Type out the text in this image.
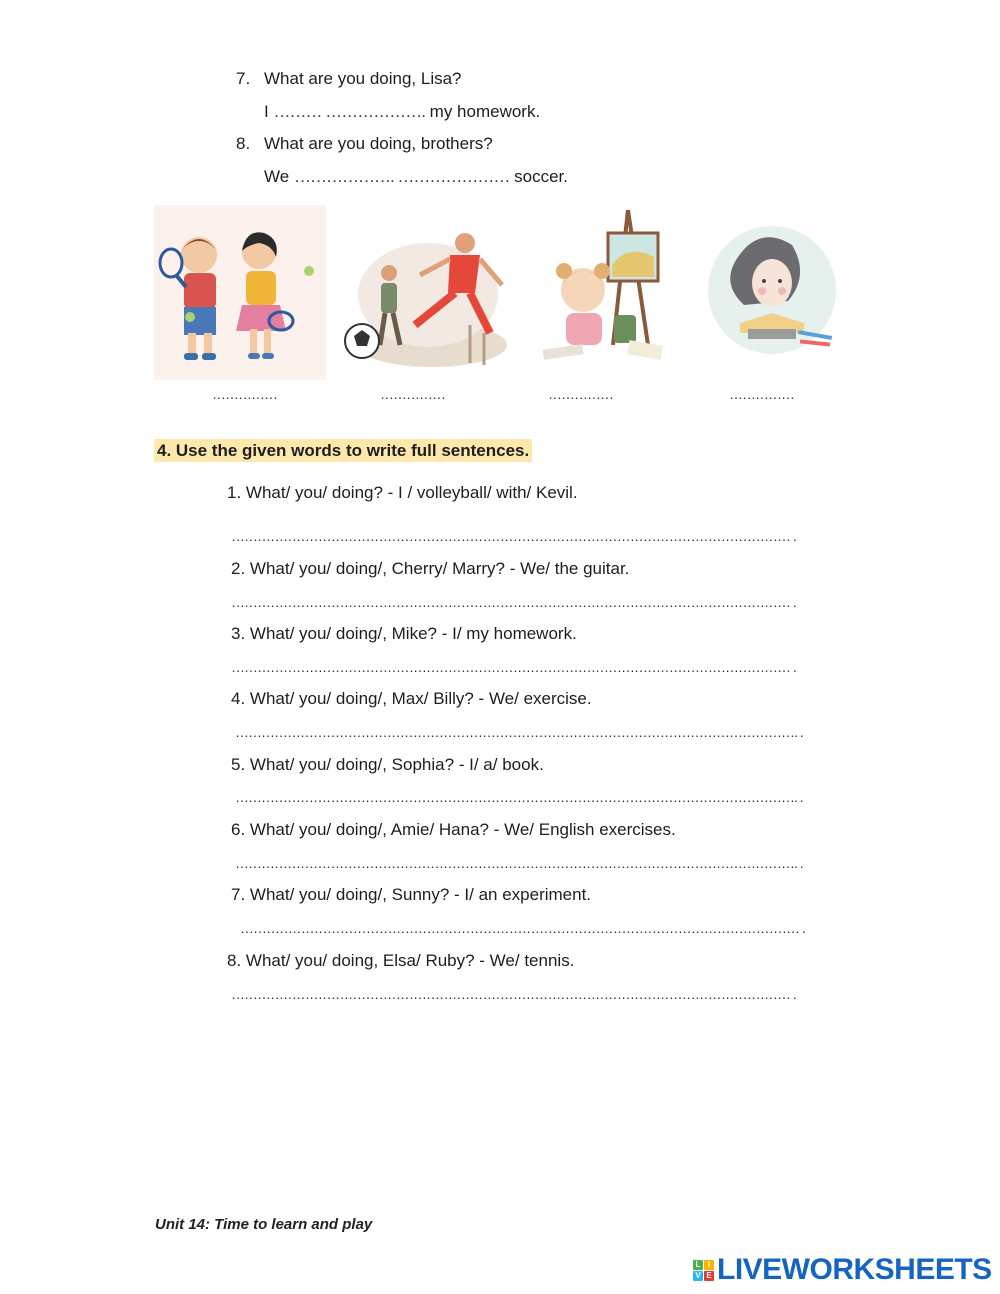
7. What are you doing, Lisa?
I ……… ………………. my homework.
8. What are you doing, brothers?
We ………………. ………………… soccer.
……………	……………	……………	……………
4. Use the given words to write full sentences.
1. What/ you/ doing? - I / volleyball/ with/ Kevil.
………………………………………………………………………………………………………………… .
2. What/ you/ doing/, Cherry/ Marry? - We/ the guitar.
………………………………………………………………………………………………………………… .
3. What/ you/ doing/, Mike? - I/ my homework.
………………………………………………………………………………………………………………… .
4. What/ you/ doing/, Max/ Billy? - We/ exercise.
…………………………………………………………………………………………………………………. .
5. What/ you/ doing/, Sophia? - I/ a/ book.
…………………………………………………………………………………………………………………. .
6. What/ you/ doing/, Amie/ Hana? - We/ English exercises.
…………………………………………………………………………………………………………………. .
7. What/ you/ doing/, Sunny? - I/ an experiment.
………………………………………………………………………………………………………………… .
8. What/ you/ doing, Elsa/ Ruby? - We/ tennis.
………………………………………………………………………………………………………………… .
Unit 14: Time to learn and play
L I
V E LIVEWORKSHEETS
